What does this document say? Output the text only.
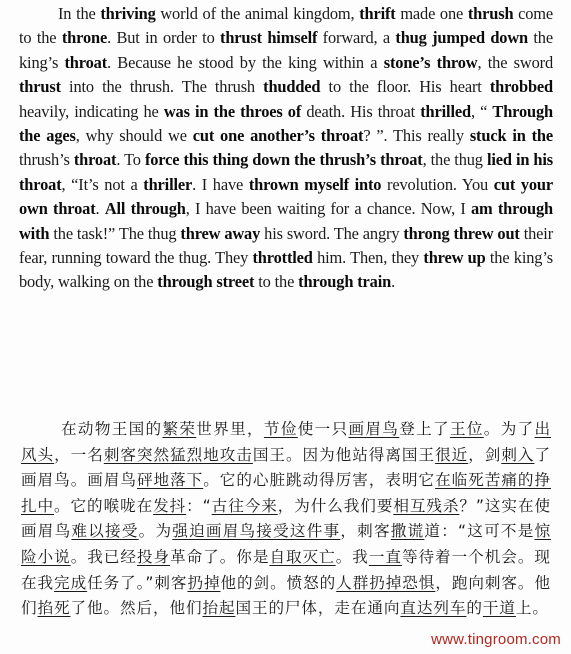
In the thriving world of the animal kingdom, thrift made one thrush come to the throne. But in order to thrust himself forward, a thug jumped down the king’s throat. Because he stood by the king within a stone’s throw, the sword thrust into the thrush. The thrush thudded to the floor. His heart throbbed heavily, indicating he was in the throes of death. His throat thrilled, “ Through the ages, why should we cut one another’s throat? ”. This really stuck in the thrush’s throat. To force this thing down the thrush’s throat, the thug lied in his throat, “It’s not a thriller. I have thrown myself into revolution. You cut your own throat. All through, I have been waiting for a chance. Now, I am through with the task!” The thug threw away his sword. The angry throng threw out their fear, running toward the thug. They throttled him. Then, they threw up the king’s body, walking on the through street to the through train.

在动物王国的繁荣世界里，节俭使一只画眉鸟登上了王位。为了出风头，一名刺客突然猛烈地攻击国王。因为他站得离国王很近，剑刺入了画眉鸟。画眉鸟砰地落下。它的心脏跳动得厉害，表明它在临死苦痛的挣扎中。它的喉咙在发抖：“古往今来，为什么我们要相互残杀？”这实在使画眉鸟难以接受。为强迫画眉鸟接受这件事，刺客撒谎道：“这可不是惊险小说。我已经投身革命了。你是自取灭亡。我一直等待着一个机会。现在我完成任务了。”刺客扔掉他的剑。愤怒的人群扔掉恐惧，跑向刺客。他们掐死了他。然后，他们抬起国王的尸体，走在通向直达列车的干道上。

www.tingroom.com
